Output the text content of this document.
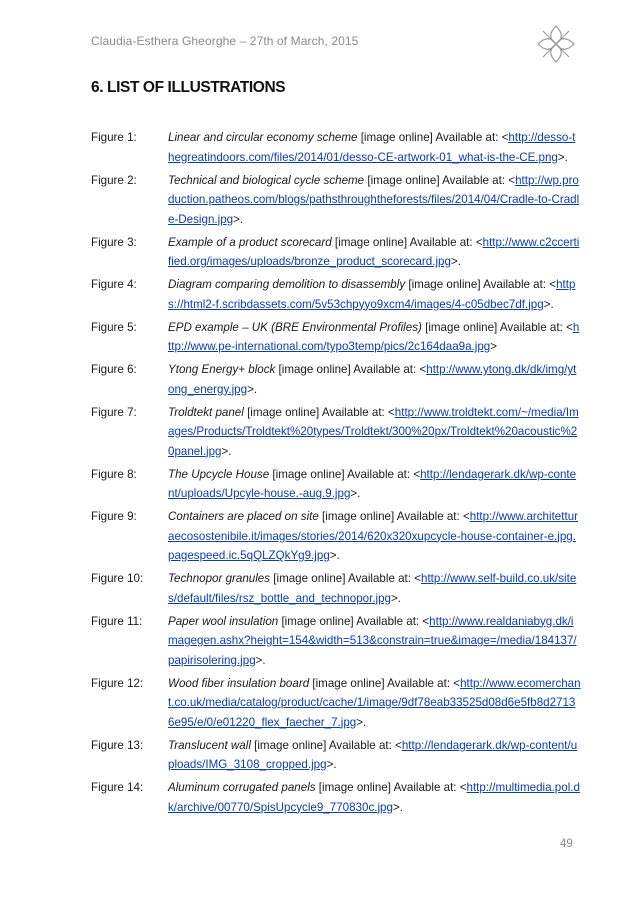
Claudia-Esthera Gheorghe – 27th of March, 2015
6. LIST OF ILLUSTRATIONS
Figure 1:	Linear and circular economy scheme [image online] Available at: <http://desso-thegreatindoors.com/files/2014/01/desso-CE-artwork-01_what-is-the-CE.png>.
Figure 2:	Technical and biological cycle scheme [image online] Available at: <http://wp.production.patheos.com/blogs/pathsthroughtheforests/files/2014/04/Cradle-to-Cradle-Design.jpg>.
Figure 3:	Example of a product scorecard [image online] Available at: <http://www.c2ccertified.org/images/uploads/bronze_product_scorecard.jpg>.
Figure 4:	Diagram comparing demolition to disassembly [image online] Available at: <https://html2-f.scribdassets.com/5v53chpyyo9xcm4/images/4-c05dbec7df.jpg>.
Figure 5:	EPD example – UK (BRE Environmental Profiles) [image online] Available at: <http://www.pe-international.com/typo3temp/pics/2c164daa9a.jpg>
Figure 6:	Ytong Energy+ block [image online] Available at: <http://www.ytong.dk/dk/img/ytong_energy.jpg>.
Figure 7:	Troldtekt panel [image online] Available at: <http://www.troldtekt.com/~/media/Images/Products/Troldtekt%20types/Troldtekt/300%20px/Troldtekt%20acoustic%20panel.jpg>.
Figure 8:	The Upcycle House [image online] Available at: <http://lendagerark.dk/wp-content/uploads/Upcyle-house.-aug.9.jpg>.
Figure 9:	Containers are placed on site [image online] Available at: <http://www.architetturaecosostenibile.it/images/stories/2014/620x320xupcycle-house-container-e.jpg.pagespeed.ic.5qQLZQkYg9.jpg>.
Figure 10:	Technopor granules [image online] Available at: <http://www.self-build.co.uk/sites/default/files/rsz_bottle_and_technopor.jpg>.
Figure 11:	Paper wool insulation [image online] Available at: <http://www.realdaniabyg.dk/imagegen.ashx?height=154&width=513&constrain=true&image=/media/184137/papirisolering.jpg>.
Figure 12:	Wood fiber insulation board [image online] Available at: <http://www.ecomerchant.co.uk/media/catalog/product/cache/1/image/9df78eab33525d08d6e5fb8d27136e95/e/0/e01220_flex_faecher_7.jpg>.
Figure 13:	Translucent wall [image online] Available at: <http://lendagerark.dk/wp-content/uploads/IMG_3108_cropped.jpg>.
Figure 14:	Aluminum corrugated panels [image online] Available at: <http://multimedia.pol.dk/archive/00770/SpisUpcycle9_770830c.jpg>.
49
